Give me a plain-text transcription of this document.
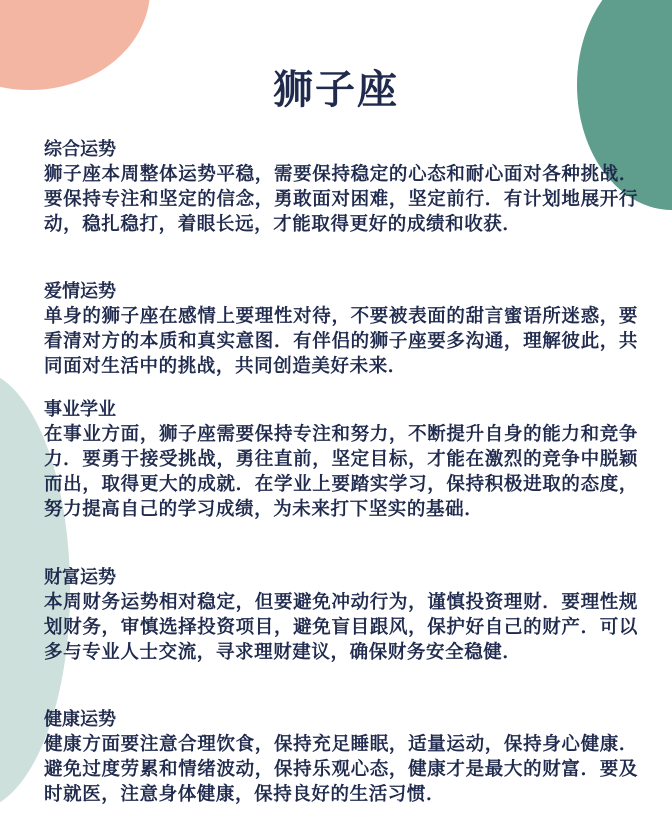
狮子座
综合运势
狮子座本周整体运势平稳，需要保持稳定的心态和耐心面对各种挑战．要保持专注和坚定的信念，勇敢面对困难，坚定前行．有计划地展开行动，稳扎稳打，着眼长远，才能取得更好的成绩和收获．
爱情运势
单身的狮子座在感情上要理性对待，不要被表面的甜言蜜语所迷惑，要看清对方的本质和真实意图．有伴侣的狮子座要多沟通，理解彼此，共同面对生活中的挑战，共同创造美好未来．
事业学业
在事业方面，狮子座需要保持专注和努力，不断提升自身的能力和竞争力．要勇于接受挑战，勇往直前，坚定目标，才能在激烈的竞争中脱颖而出，取得更大的成就．在学业上要踏实学习，保持积极进取的态度，努力提高自己的学习成绩，为未来打下坚实的基础．
财富运势
本周财务运势相对稳定，但要避免冲动行为，谨慎投资理财．要理性规划财务，审慎选择投资项目，避免盲目跟风，保护好自己的财产．可以多与专业人士交流，寻求理财建议，确保财务安全稳健．
健康运势
健康方面要注意合理饮食，保持充足睡眠，适量运动，保持身心健康．避免过度劳累和情绪波动，保持乐观心态，健康才是最大的财富．要及时就医，注意身体健康，保持良好的生活习惯．
